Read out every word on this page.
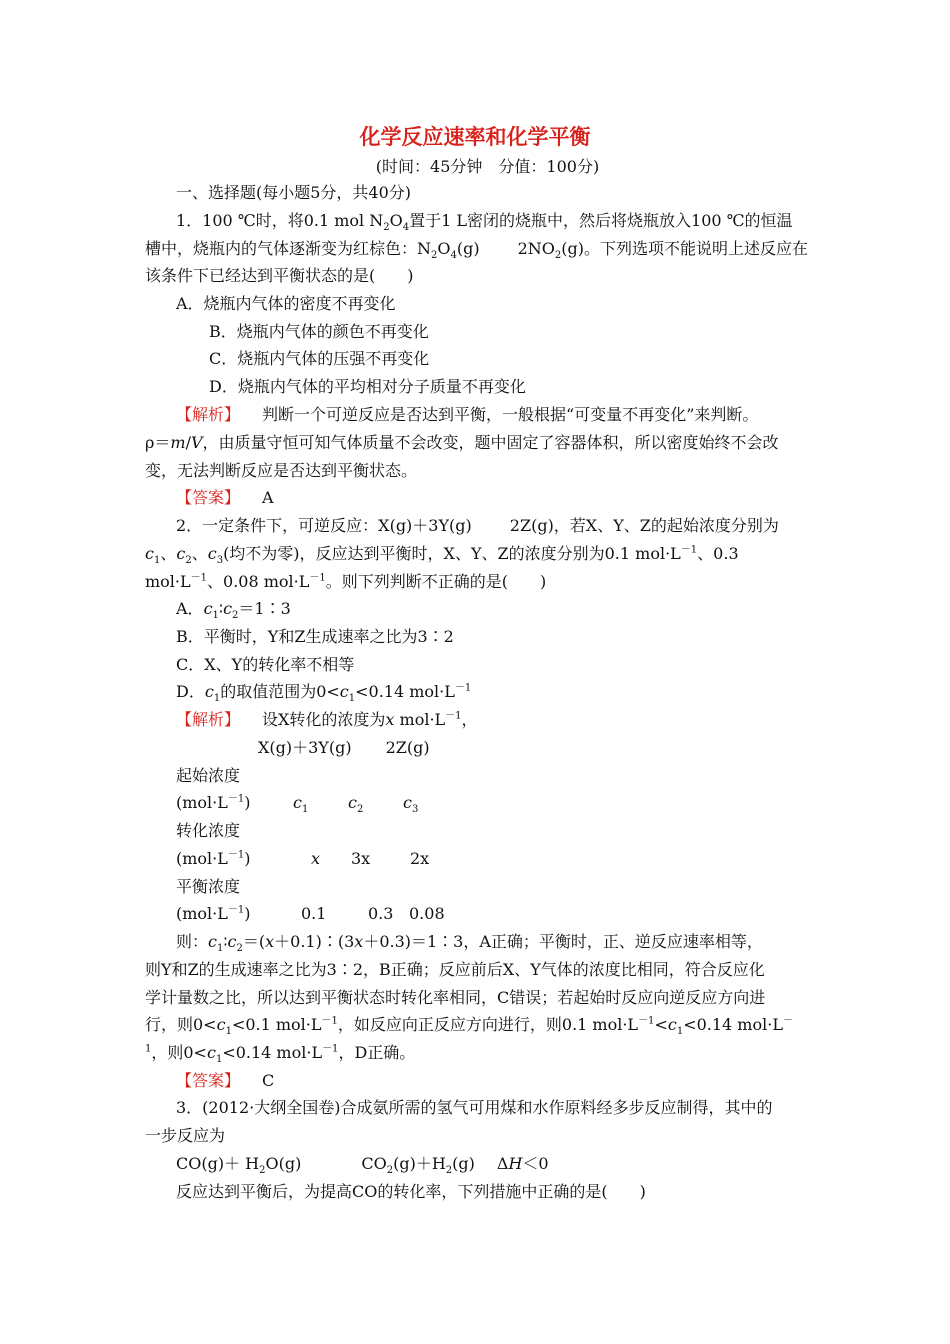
化学反应速率和化学平衡
(时间：45分钟　分值：100分)
一、选择题(每小题5分，共40分)
1．100 ℃时，将0.1 mol $N_2O_4$置于1 L密闭的烧瓶中，然后将烧瓶放入100 ℃的恒温
槽中，烧瓶内的气体逐渐变为红棕色：$N_2O_4(g)$ $2NO_2(g)$。下列选项不能说明上述反应在
该条件下已经达到平衡状态的是(　　)
A．烧瓶内气体的密度不再变化
B．烧瓶内气体的颜色不再变化
C．烧瓶内气体的压强不再变化
D．烧瓶内气体的平均相对分子质量不再变化
【解析】 判断一个可逆反应是否达到平衡，一般根据“可变量不再变化”来判断。
ρ＝m/V，由质量守恒可知气体质量不会改变，题中固定了容器体积，所以密度始终不会改
变，无法判断反应是否达到平衡状态。
【答案】 A
2．一定条件下，可逆反应：X(g)＋3Y(g) 2Z(g)，若X、Y、Z的起始浓度分别为
$c_1$、$c_2$、$c_3$(均不为零)，反应达到平衡时，X、Y、Z的浓度分别为0.1 $mol\cdot L^{-1}$、0.3
$mol\cdot L^{-1}$、0.08 $mol\cdot L^{-1}$。则下列判断不正确的是(　　)
A．$c_1∶c_2=1∶3$
B．平衡时，Y和Z生成速率之比为3∶2
C．X、Y的转化率不相等
D．$c_1$的取值范围为$0<c_1<0.14$ $mol\cdot L^{-1}$
【解析】 设X转化的浓度为x $mol\cdot L^{-1}$，
X(g)＋3Y(g) 2Z(g)
起始浓度
$(mol\cdot L^{-1})$	$c_1$ $c_2$ $c_3$
转化浓度
$(mol\cdot L^{-1})$	x 3x 2x
平衡浓度
$(mol\cdot L^{-1})$	0.1	0.3 0.08
则：$c_1∶c_2=(x+0.1)∶(3x+0.3)=1∶3$，A正确；平衡时，正、逆反应速率相等，
则Y和Z的生成速率之比为3∶2，B正确；反应前后X、Y气体的浓度比相同，符合反应化
学计量数之比，所以达到平衡状态时转化率相同，C错误；若起始时反应向逆反应方向进
行，则$0<c_1<0.1$ $mol\cdot L^{-1}$，如反应向正反应方向进行，则0.1 $mol\cdot L^{-1}<c_1<0.14$ mol·L－
$^1$，则$0<c_1<0.14$ $mol\cdot L^{-1}$，D正确。
【答案】 C
3．(2012·大纲全国卷)合成氨所需的氢气可用煤和水作原料经多步反应制得，其中的
一步反应为
$CO(g)+ H_2O(g)$	$CO_2(g)+H_2(g)$ ΔH＜0
反应达到平衡后，为提高CO的转化率，下列措施中正确的是(　　)
